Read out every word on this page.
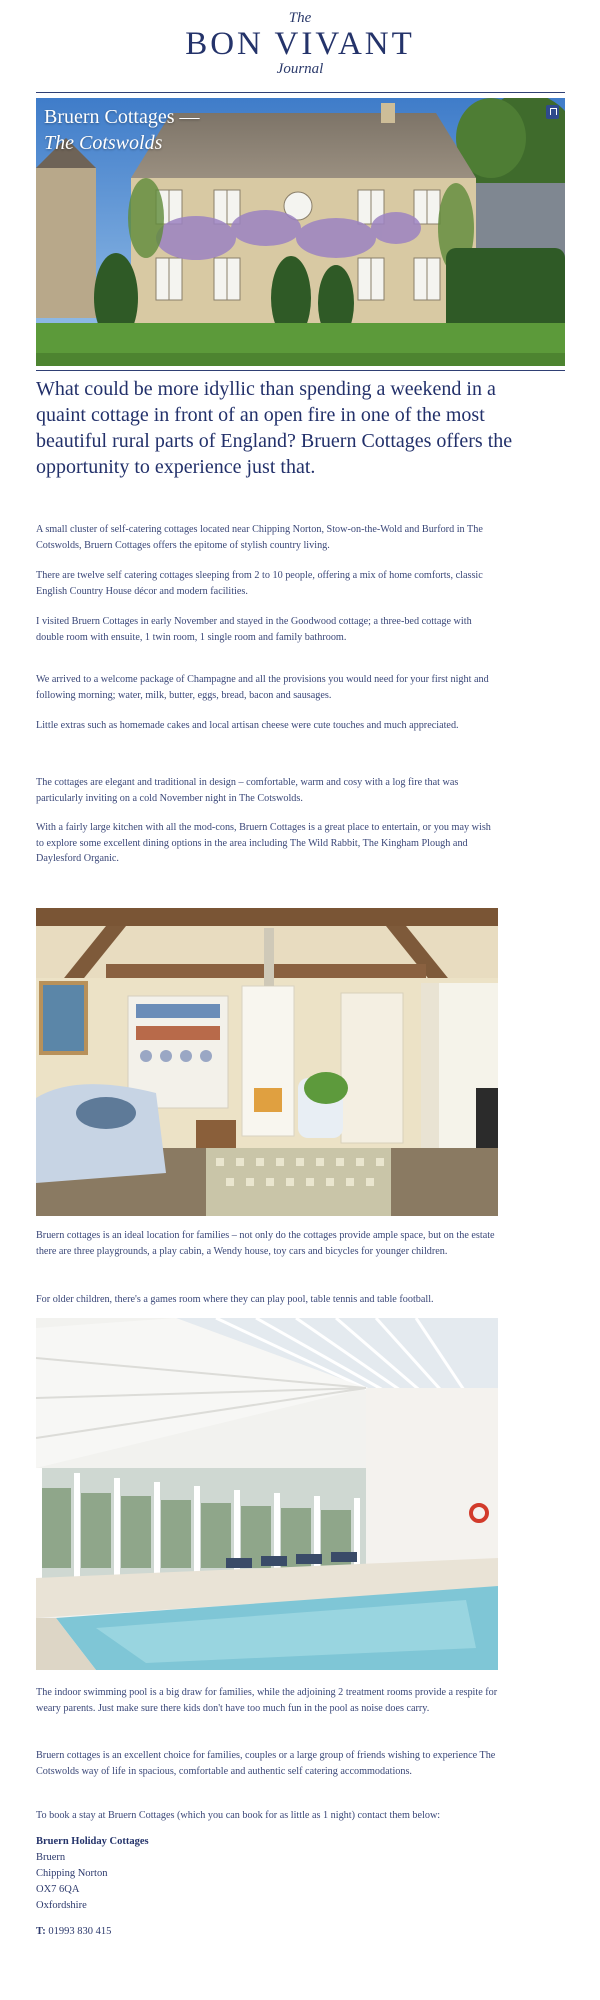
The
BON VIVANT
Journal
Bruern Cottages —
The Cotswolds
What could be more idyllic than spending a weekend in a quaint cottage in front of an open fire in one of the most beautiful rural parts of England? Bruern Cottages offers the opportunity to experience just that.

A small cluster of self-catering cottages located near Chipping Norton, Stow-on-the-Wold and Burford in The Cotswolds, Bruern Cottages offers the epitome of stylish country living.

There are twelve self catering cottages sleeping from 2 to 10 people, offering a mix of home comforts, classic English Country House décor and modern facilities.

I visited Bruern Cottages in early November and stayed in the Goodwood cottage; a three-bed cottage with double room with ensuite, 1 twin room, 1 single room and family bathroom.

We arrived to a welcome package of Champagne and all the provisions you would need for your first night and following morning; water, milk, butter, eggs, bread, bacon and sausages.

Little extras such as homemade cakes and local artisan cheese were cute touches and much appreciated.

The cottages are elegant and traditional in design – comfortable, warm and cosy with a log fire that was particularly inviting on a cold November night in The Cotswolds.

With a fairly large kitchen with all the mod-cons, Bruern Cottages is a great place to entertain, or you may wish to explore some excellent dining options in the area including The Wild Rabbit, The Kingham Plough and Daylesford Organic.

Bruern cottages is an ideal location for families – not only do the cottages provide ample space, but on the estate there are three playgrounds, a play cabin, a Wendy house, toy cars and bicycles for younger children.

For older children, there's a games room where they can play pool, table tennis and table football.

The indoor swimming pool is a big draw for families, while the adjoining 2 treatment rooms provide a respite for weary parents. Just make sure there kids don't have too much fun in the pool as noise does carry.

Bruern cottages is an excellent choice for families, couples or a large group of friends wishing to experience The Cotswolds way of life in spacious, comfortable and authentic self catering accommodations.

To book a stay at Bruern Cottages (which you can book for as little as 1 night) contact them below:

Bruern Holiday Cottages
Bruern
Chipping Norton
OX7 6QA
Oxfordshire
T: 01993 830 415
